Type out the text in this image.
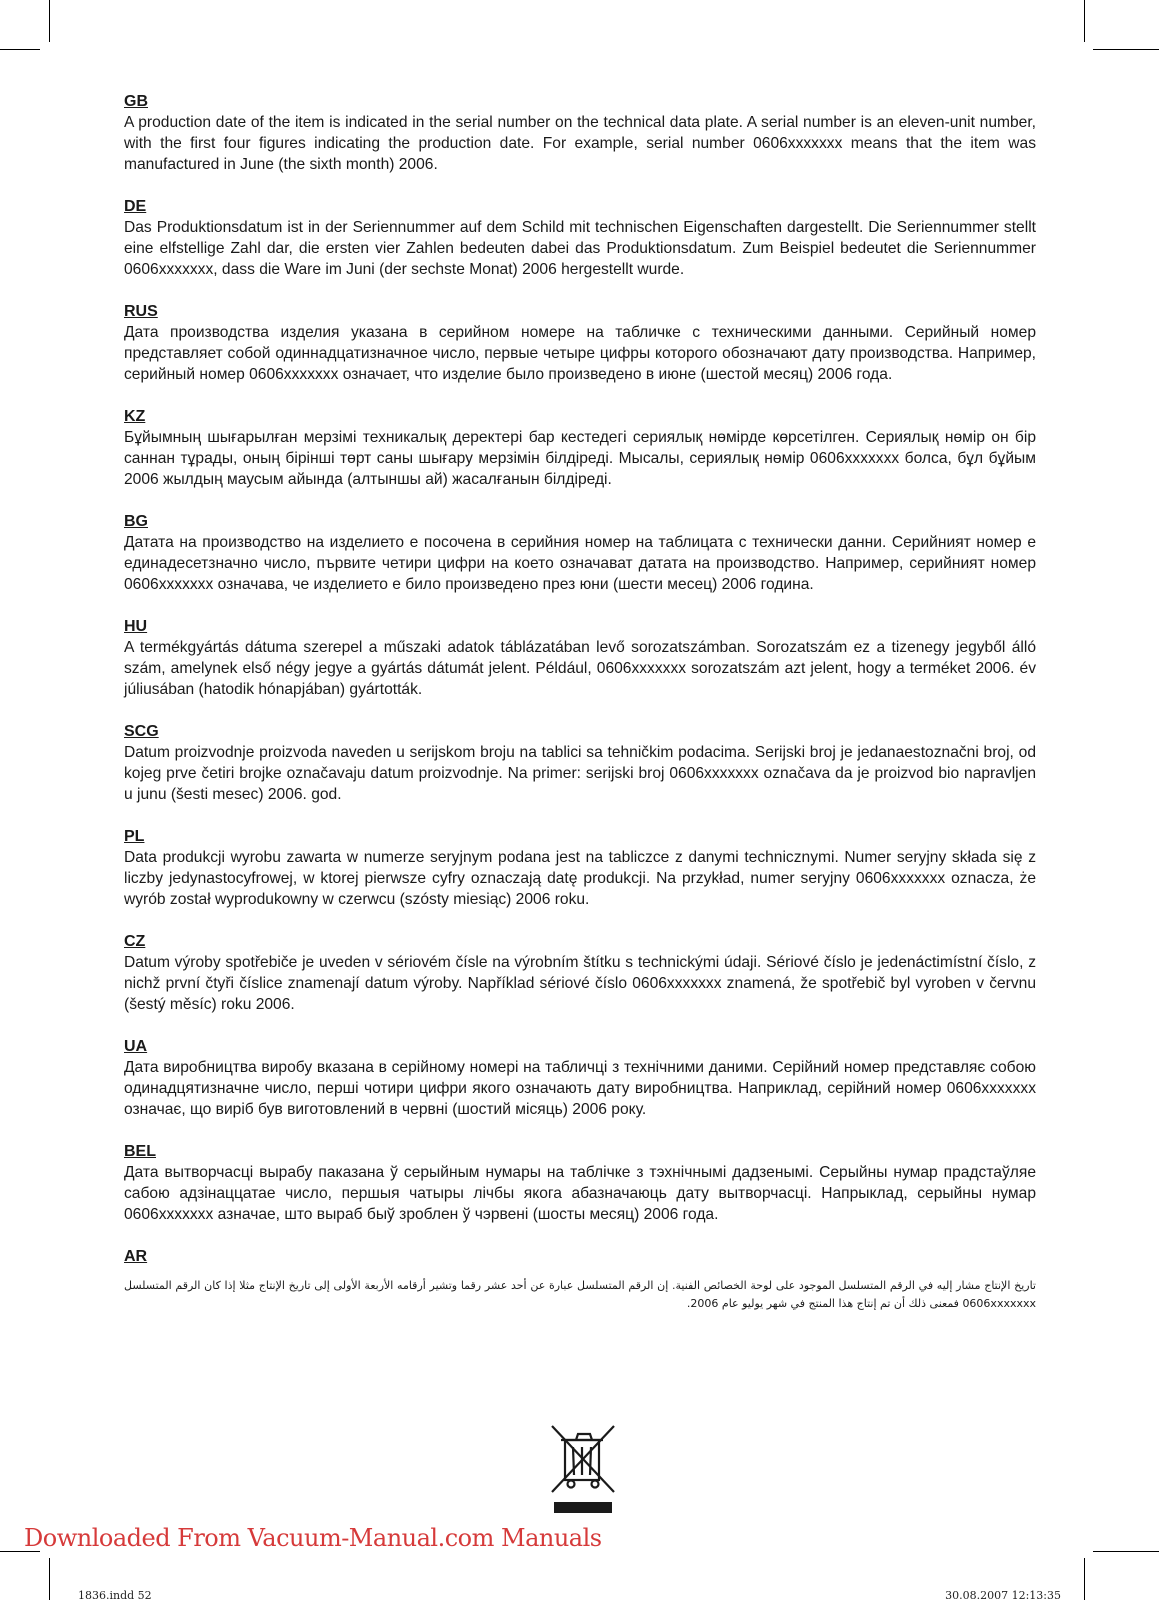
GB

A production date of the item is indicated in the serial number on the technical data plate. A serial number is an eleven-unit number, with the first four figures indicating the production date. For example, serial number 0606xxxxxxx means that the item was manufactured in June (the sixth month) 2006.

DE

Das Produktionsdatum ist in der Seriennummer auf dem Schild mit technischen Eigenschaften dargestellt. Die Seriennummer stellt eine elfstellige Zahl dar, die ersten vier Zahlen bedeuten dabei das Produktionsdatum. Zum Beispiel bedeutet die Seriennummer 0606xxxxxxx, dass die Ware im Juni (der sechste Monat) 2006 hergestellt wurde.

RUS

Дата производства изделия указана в серийном номере на табличке с техническими данными. Серийный номер представляет собой одиннадцатизначное число, первые четыре цифры которого обозначают дату производства. Например, серийный номер 0606xxxxxxx означает, что изделие было произведено в июне (шестой месяц) 2006 года.

KZ

Бұйымның шығарылған мерзімі техникалық деректері бар кестедегі сериялық нөмірде көрсетілген. Сериялық нөмір он бір саннан тұрады, оның бірінші төрт саны шығару мерзімін білдіреді. Мысалы, сериялық нөмір 0606xxxxxxx болса, бұл бұйым 2006 жылдың маусым айында (алтыншы ай) жасалғанын білдіреді.

BG

Датата на производство на изделието е посочена в серийния номер на таблицата с технически данни. Серийният номер е единадесетзначно число, първите четири цифри на което означават датата на производство. Например, серийният номер 0606xxxxxxx означава, че изделието е било произведено през юни (шести месец) 2006 година.

HU

A termékgyártás dátuma szerepel a műszaki adatok táblázatában levő sorozatszámban. Sorozatszám ez a tizenegy jegyből álló szám, amelynek első négy jegye a gyártás dátumát jelent. Például, 0606xxxxxxx sorozatszám azt jelent, hogy a terméket 2006. év júliusában (hatodik hónapjában) gyártották.

SCG

Datum proizvodnje proizvoda naveden u serijskom broju na tablici sa tehničkim podacima. Serijski broj je jedanaestoznačni broj, od kojeg prve četiri brojke označavaju datum proizvodnje. Na primer: serijski broj 0606xxxxxxx označava da je proizvod bio napravljen u junu (šesti mesec) 2006. god.

PL

Data produkcji wyrobu zawarta w numerze seryjnym podana jest na tabliczce z danymi technicznymi. Numer seryjny składa się z liczby jedynastocyfrowej, w ktorej pierwsze cyfry oznaczają datę produkcji. Na przykład, numer seryjny 0606xxxxxxx oznacza, że wyrób został wyprodukowny w czerwcu (szósty miesiąc) 2006 roku.

CZ

Datum výroby spotřebiče je uveden v sériovém čísle na výrobním štítku s technickými údaji. Sériové číslo je jedenáctimístní číslo, z nichž první čtyři číslice znamenají datum výroby. Například sériové číslo 0606xxxxxxx znamená, že spotřebič byl vyroben v červnu (šestý měsíc) roku 2006.

UA

Дата виробництва виробу вказана в серійному номері на табличці з технічними даними. Серійний номер представляє собою одинадцятизначне число, перші чотири цифри якого означають дату виробництва. Наприклад, серійний номер 0606xxxxxxx означає, що виріб був виготовлений в червні (шостий місяць) 2006 року.

BEL

Дата вытворчасці вырабу паказана ў серыйным нумары на таблічке з тэхнічнымі дадзенымі. Серыйны нумар прадстаўляе сабою адзінаццатае число, першыя чатыры лічбы якога абазначаюць дату вытворчасці. Напрыклад, серыйны нумар 0606xxxxxxx азначае, што выраб быў зроблен ў чэрвені (шосты месяц) 2006 года.

AR

تاريخ الإنتاج مشار إليه في الرقم المتسلسل الموجود على لوحة الخصائص الفنية. إن الرقم المتسلسل عبارة عن أحد عشر رقما وتشير أرقامه الأربعة الأولى إلى تاريخ الإنتاج مثلا إذا كان الرقم المتسلسل 0606xxxxxxx فمعنى ذلك أن تم إنتاج هذا المنتج في شهر يوليو عام 2006.

Downloaded From Vacuum-Manual.com Manuals
1836.indd 52	30.08.2007 12:13:35
